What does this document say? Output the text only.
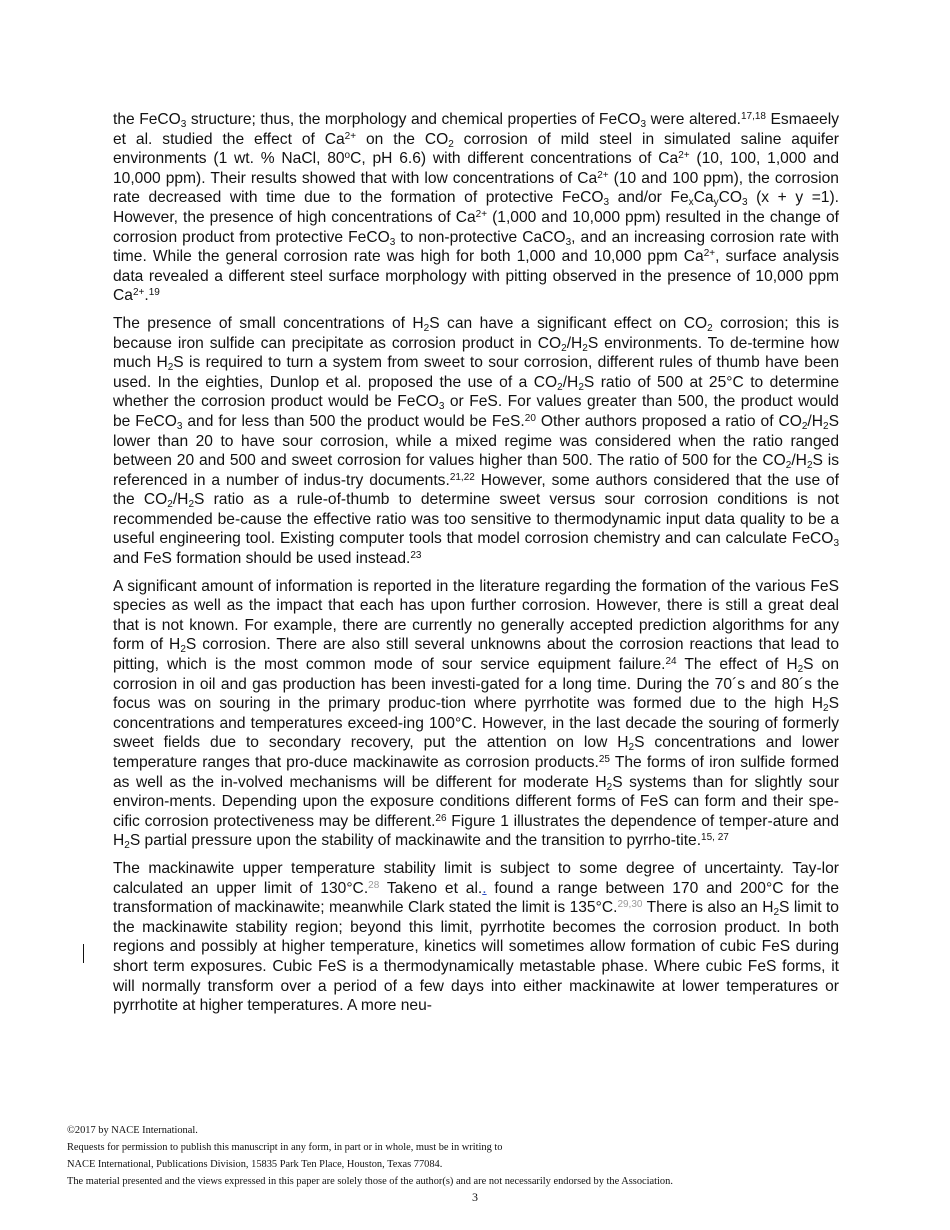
the FeCO$_3$ structure; thus, the morphology and chemical properties of FeCO$_3$ were altered.$^{17,18}$ Esmaeely et al. studied the effect of $Ca^{2+}$ on the $CO_2$ corrosion of mild steel in simulated saline aquifer environments (1 wt. % NaCl, 80$^o$C, pH 6.6) with different concentrations of $Ca^{2+}$ (10, 100, 1,000 and 10,000 ppm). Their results showed that with low concentrations of $Ca^{2+}$ (10 and 100 ppm), the corrosion rate decreased with time due to the formation of protective FeCO$_3$ and/or $Fe_xCa_yCO_3$ (x + y =1). However, the presence of high concentrations of $Ca^{2+}$ (1,000 and 10,000 ppm) resulted in the change of corrosion product from protective FeCO$_3$ to non-protective CaCO$_3$, and an increasing corrosion rate with time. While the general corrosion rate was high for both 1,000 and 10,000 ppm $Ca^{2+}$, surface analysis data revealed a different steel surface morphology with pitting observed in the presence of 10,000 ppm $Ca^{2+}.^{19}$

The presence of small concentrations of $H_2S$ can have a significant effect on $CO_2$ corrosion; this is because iron sulfide can precipitate as corrosion product in $CO_2/H_2S$ environments. To de-termine how much $H_2S$ is required to turn a system from sweet to sour corrosion, different rules of thumb have been used. In the eighties, Dunlop et al. proposed the use of a $CO_2/H_2S$ ratio of 500 at 25°C to determine whether the corrosion product would be FeCO$_3$ or FeS. For values greater than 500, the product would be FeCO$_3$ and for less than 500 the product would be FeS.$^{20}$ Other authors proposed a ratio of $CO_2/H_2S$ lower than 20 to have sour corrosion, while a mixed regime was considered when the ratio ranged between 20 and 500 and sweet corrosion for values higher than 500. The ratio of 500 for the $CO_2/H_2S$ is referenced in a number of indus-try documents.$^{21,22}$ However, some authors considered that the use of the $CO_2/H_2S$ ratio as a rule-of-thumb to determine sweet versus sour corrosion conditions is not recommended be-cause the effective ratio was too sensitive to thermodynamic input data quality to be a useful engineering tool. Existing computer tools that model corrosion chemistry and can calculate FeCO$_3$ and FeS formation should be used instead.$^{23}$

A significant amount of information is reported in the literature regarding the formation of the various FeS species as well as the impact that each has upon further corrosion. However, there is still a great deal that is not known. For example, there are currently no generally accepted prediction algorithms for any form of $H_2S$ corrosion. There are also still several unknowns about the corrosion reactions that lead to pitting, which is the most common mode of sour service equipment failure.$^{24}$ The effect of $H_2S$ on corrosion in oil and gas production has been investi-gated for a long time. During the 70´s and 80´s the focus was on souring in the primary produc-tion where pyrrhotite was formed due to the high $H_2S$ concentrations and temperatures exceed-ing 100°C. However, in the last decade the souring of formerly sweet fields due to secondary recovery, put the attention on low $H_2S$ concentrations and lower temperature ranges that pro-duce mackinawite as corrosion products.$^{25}$ The forms of iron sulfide formed as well as the in-volved mechanisms will be different for moderate $H_2S$ systems than for slightly sour environ-ments. Depending upon the exposure conditions different forms of FeS can form and their spe-cific corrosion protectiveness may be different.$^{26}$ Figure 1 illustrates the dependence of temper-ature and $H_2S$ partial pressure upon the stability of mackinawite and the transition to pyrrho-tite.$^{15, 27}$

The mackinawite upper temperature stability limit is subject to some degree of uncertainty. Tay-lor calculated an upper limit of 130°C.$^{28}$ Takeno et al.. found a range between 170 and 200°C for the transformation of mackinawite; meanwhile Clark stated the limit is 135°C.$^{29,30}$ There is also an $H_2S$ limit to the mackinawite stability region; beyond this limit, pyrrhotite becomes the corrosion product. In both regions and possibly at higher temperature, kinetics will sometimes allow formation of cubic FeS during short term exposures. Cubic FeS is a thermodynamically metastable phase. Where cubic FeS forms, it will normally transform over a period of a few days into either mackinawite at lower temperatures or pyrrhotite at higher temperatures. A more neu-

©2017 by NACE International.
Requests for permission to publish this manuscript in any form, in part or in whole, must be in writing to
NACE International, Publications Division, 15835 Park Ten Place, Houston, Texas 77084.
The material presented and the views expressed in this paper are solely those of the author(s) and are not necessarily endorsed by the Association.
3
